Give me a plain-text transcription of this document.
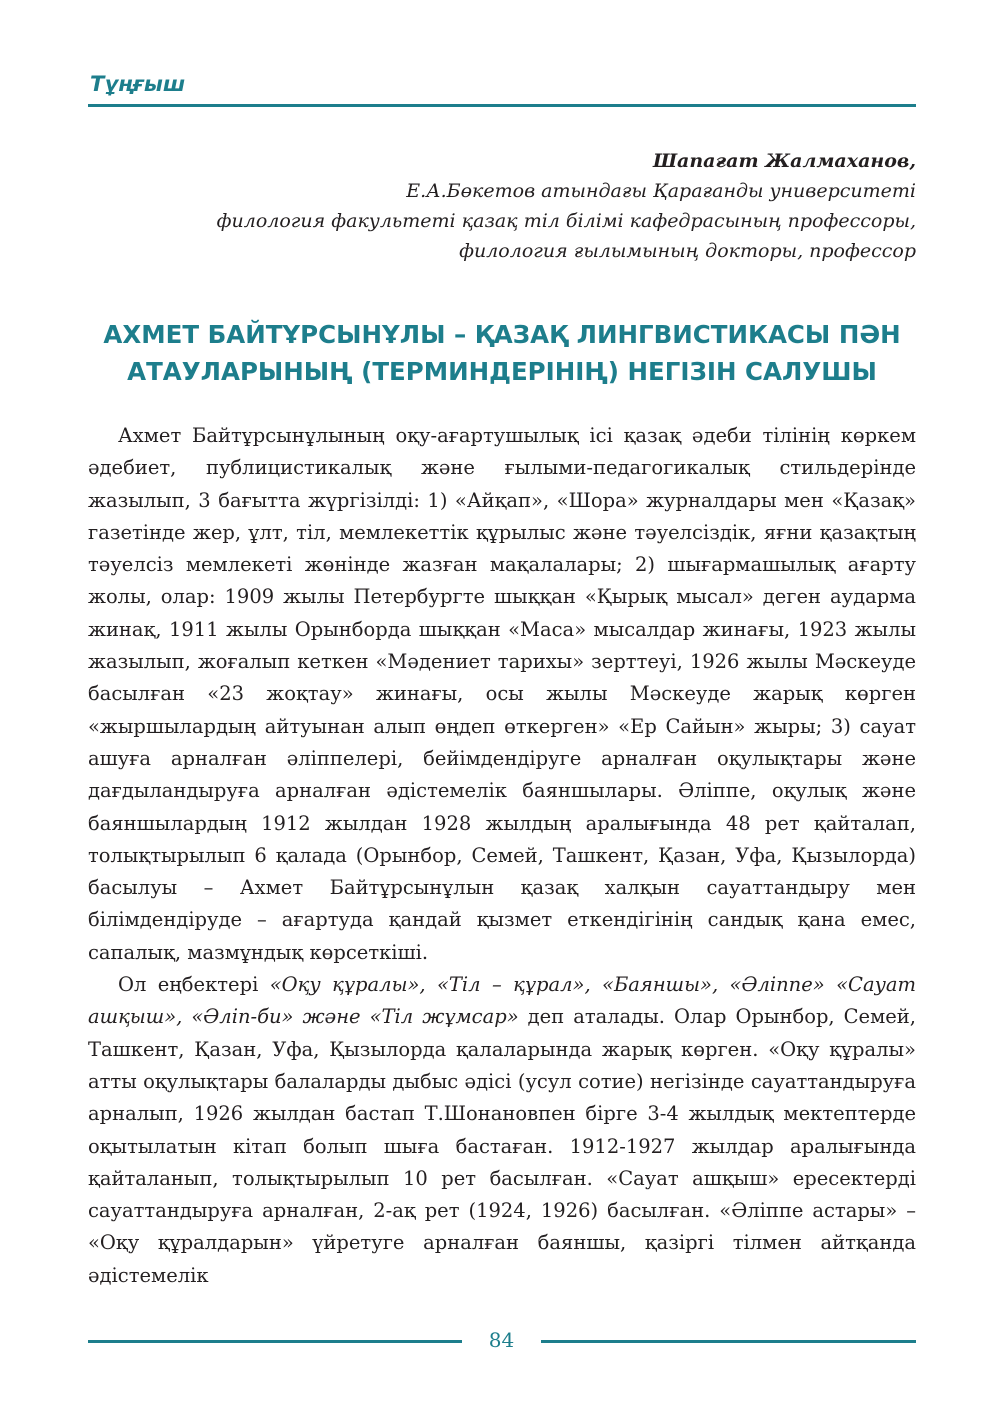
Тұңғыш
Шапағат Жалмаханов,
Е.А.Бөкетов атындағы Қарағанды университеті
филология факультеті қазақ тіл білімі кафедрасының профессоры,
филология ғылымының докторы, профессор
АХМЕТ БАЙТҰРСЫНҰЛЫ – ҚАЗАҚ ЛИНГВИСТИКАСЫ ПӘН
АТАУЛАРЫНЫҢ (ТЕРМИНДЕРІНІҢ) НЕГІЗІН САЛУШЫ

Ахмет Байтұрсынұлының оқу-ағартушылық ісі қазақ әдеби тілінің көркем әдебиет, публицистикалық және ғылыми-педагогикалық стильдерінде жазылып, 3 бағытта жүргізілді: 1) «Айқап», «Шора» журналдары мен «Қазақ» газетінде жер, ұлт, тіл, мемлекеттік құрылыс және тәуелсіздік, яғни қазақтың тәуелсіз мемлекеті жөнінде жазған мақалалары; 2) шығармашылық ағарту жолы, олар: 1909 жылы Петербургте шыққан «Қырық мысал» деген аударма жинақ, 1911 жылы Орынборда шыққан «Маса» мысалдар жинағы, 1923 жылы жазылып, жоғалып кеткен «Мәдениет тарихы» зерттеуі, 1926 жылы Мәскеуде басылған «23 жоқтау» жинағы, осы жылы Мәскеуде жарық көрген «жыршылардың айтуынан алып өңдеп өткерген» «Ер Сайын» жыры; 3) сауат ашуға арналған әліппелері, бейімдендіруге арналған оқулықтары және дағдыландыруға арналған әдістемелік баяншылары. Әліппе, оқулық және баяншылардың 1912 жылдан 1928 жылдың аралығында 48 рет қайталап, толықтырылып 6 қалада (Орынбор, Семей, Ташкент, Қазан, Уфа, Қызылорда) басылуы – Ахмет Байтұрсынұлын қазақ халқын сауаттандыру мен білімдендіруде – ағартуда қандай қызмет еткендігінің сандық қана емес, сапалық, мазмұндық көрсеткіші.

Ол еңбектері «Оқу құралы», «Тіл – құрал», «Баяншы», «Әліппе» «Сауат ашқыш», «Әліп-би» және «Тіл жұмсар» деп аталады. Олар Орынбор, Семей, Ташкент, Қазан, Уфа, Қызылорда қалаларында жарық көрген. «Оқу құралы» атты оқулықтары балаларды дыбыс әдісі (усул сотие) негізінде сауаттандыруға арналып, 1926 жылдан бастап Т.Шонановпен бірге 3-4 жылдық мектептерде оқытылатын кітап болып шыға бастаған. 1912-1927 жылдар аралығында қайталанып, толықтырылып 10 рет басылған. «Сауат ашқыш» ересектерді сауаттандыруға арналған, 2-ақ рет (1924, 1926) басылған. «Әліппе астары» – «Оқу құралдарын» үйретуге арналған баяншы, қазіргі тілмен айтқанда әдістемелік

84
